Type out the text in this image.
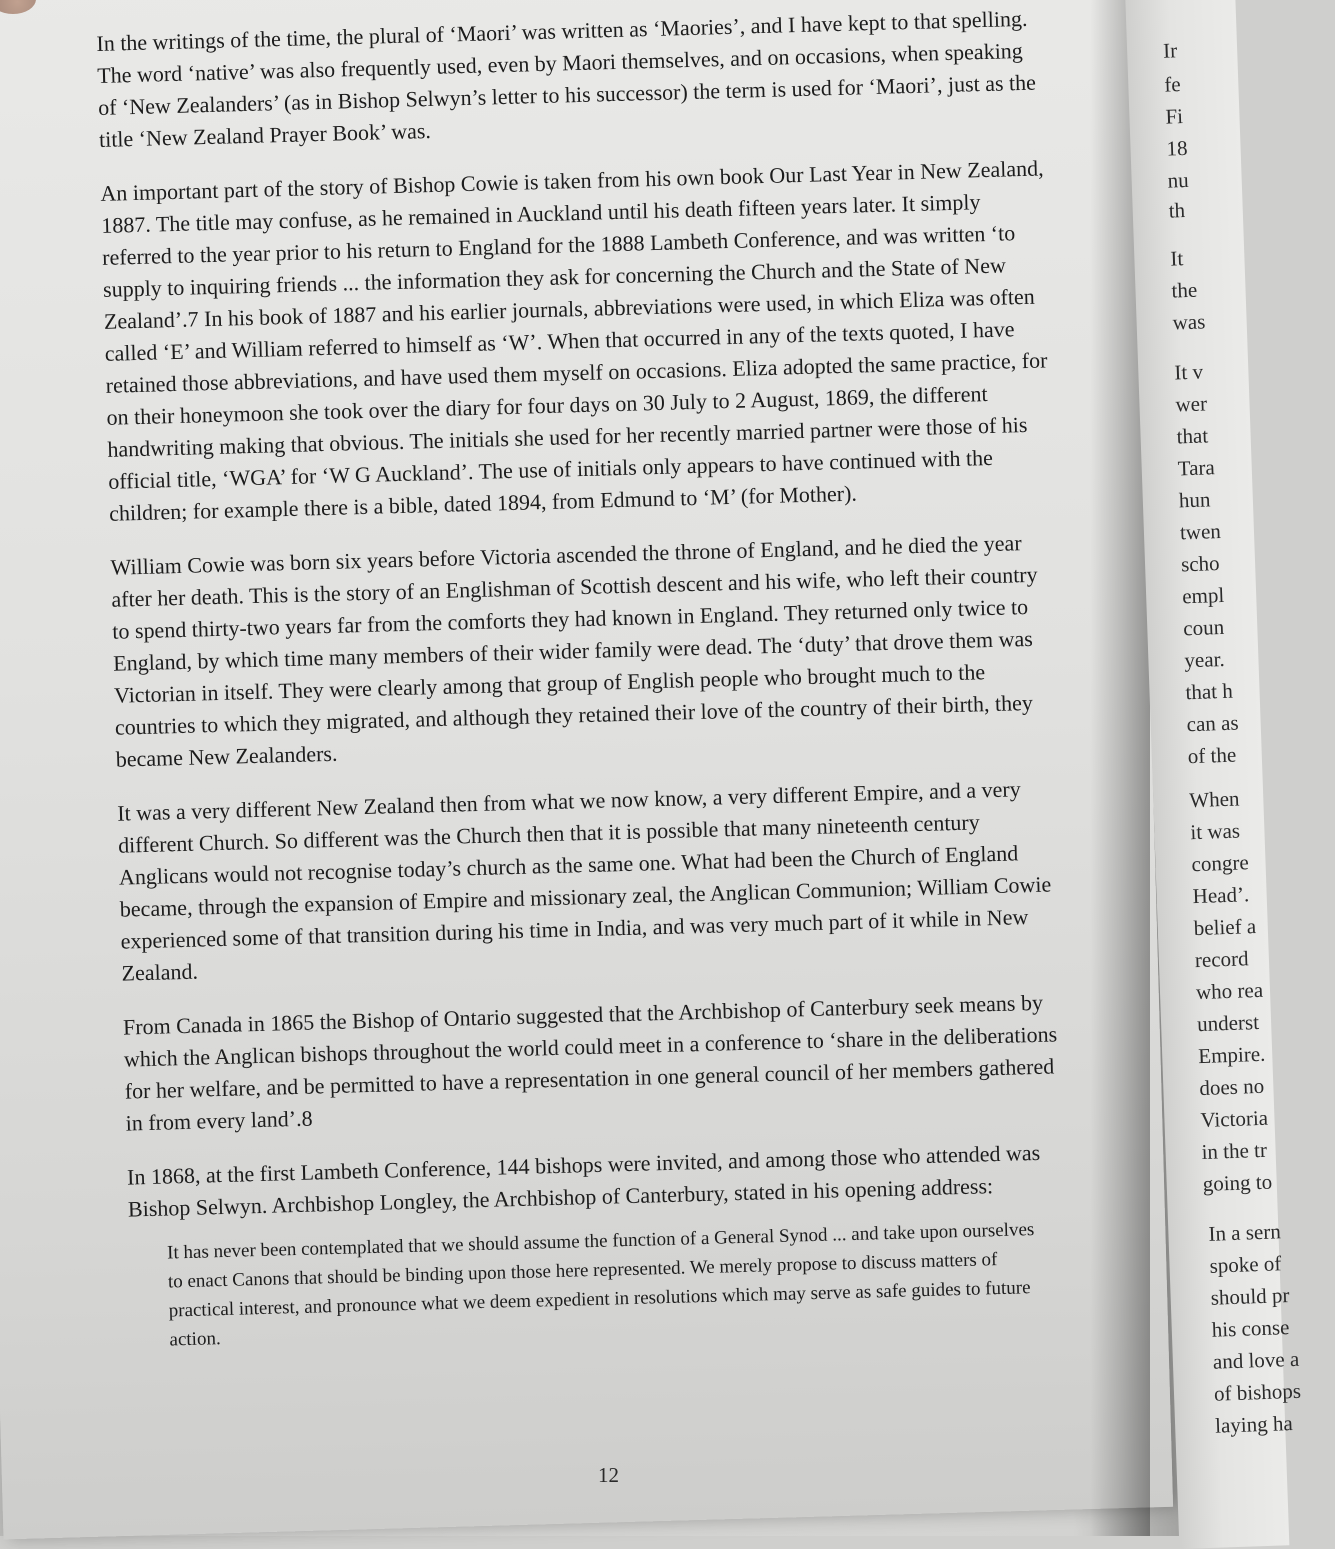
In the writings of the time, the plural of ‘Maori’ was written as ‘Maories’, and I have kept to that spelling. The word ‘native’ was also frequently used, even by Maori themselves, and on occasions, when speaking of ‘New Zealanders’ (as in Bishop Selwyn’s letter to his successor) the term is used for ‘Maori’, just as the title ‘New Zealand Prayer Book’ was.

An important part of the story of Bishop Cowie is taken from his own book Our Last Year in New Zealand, 1887. The title may confuse, as he remained in Auckland until his death fifteen years later. It simply referred to the year prior to his return to England for the 1888 Lambeth Conference, and was written ‘to supply to inquiring friends ... the information they ask for concerning the Church and the State of New Zealand’.7 In his book of 1887 and his earlier journals, abbreviations were used, in which Eliza was often called ‘E’ and William referred to himself as ‘W’. When that occurred in any of the texts quoted, I have retained those abbreviations, and have used them myself on occasions. Eliza adopted the same practice, for on their honeymoon she took over the diary for four days on 30 July to 2 August, 1869, the different handwriting making that obvious. The initials she used for her recently married partner were those of his official title, ‘WGA’ for ‘W G Auckland’. The use of initials only appears to have continued with the children; for example there is a bible, dated 1894, from Edmund to ‘M’ (for Mother).

William Cowie was born six years before Victoria ascended the throne of England, and he died the year after her death. This is the story of an Englishman of Scottish descent and his wife, who left their country to spend thirty-two years far from the comforts they had known in England. They returned only twice to England, by which time many members of their wider family were dead. The ‘duty’ that drove them was Victorian in itself. They were clearly among that group of English people who brought much to the countries to which they migrated, and although they retained their love of the country of their birth, they became New Zealanders.

It was a very different New Zealand then from what we now know, a very different Empire, and a very different Church. So different was the Church then that it is possible that many nineteenth century Anglicans would not recognise today’s church as the same one. What had been the Church of England became, through the expansion of Empire and missionary zeal, the Anglican Communion; William Cowie experienced some of that transition during his time in India, and was very much part of it while in New Zealand.

From Canada in 1865 the Bishop of Ontario suggested that the Archbishop of Canterbury seek means by which the Anglican bishops throughout the world could meet in a conference to ‘share in the deliberations for her welfare, and be permitted to have a representation in one general council of her members gathered in from every land’.8

In 1868, at the first Lambeth Conference, 144 bishops were invited, and among those who attended was Bishop Selwyn. Archbishop Longley, the Archbishop of Canterbury, stated in his opening address:

It has never been contemplated that we should assume the function of a General Synod ... and take upon ourselves to enact Canons that should be binding upon those here represented. We merely propose to discuss matters of practical interest, and pronounce what we deem expedient in resolutions which may serve as safe guides to future action.

12
Ir
fe
Fi
18
nu
th
It
the
was
It v
wer
that
Tara
hun
twen
scho
empl
coun
year.
that h
can as
of the
When
it was
congre
Head’.
belief a
record
who rea
underst
Empire.
does no
Victoria
in the tr
going to
In a sern
spoke of
should pr
his conse
and love a
of bishops
laying ha
